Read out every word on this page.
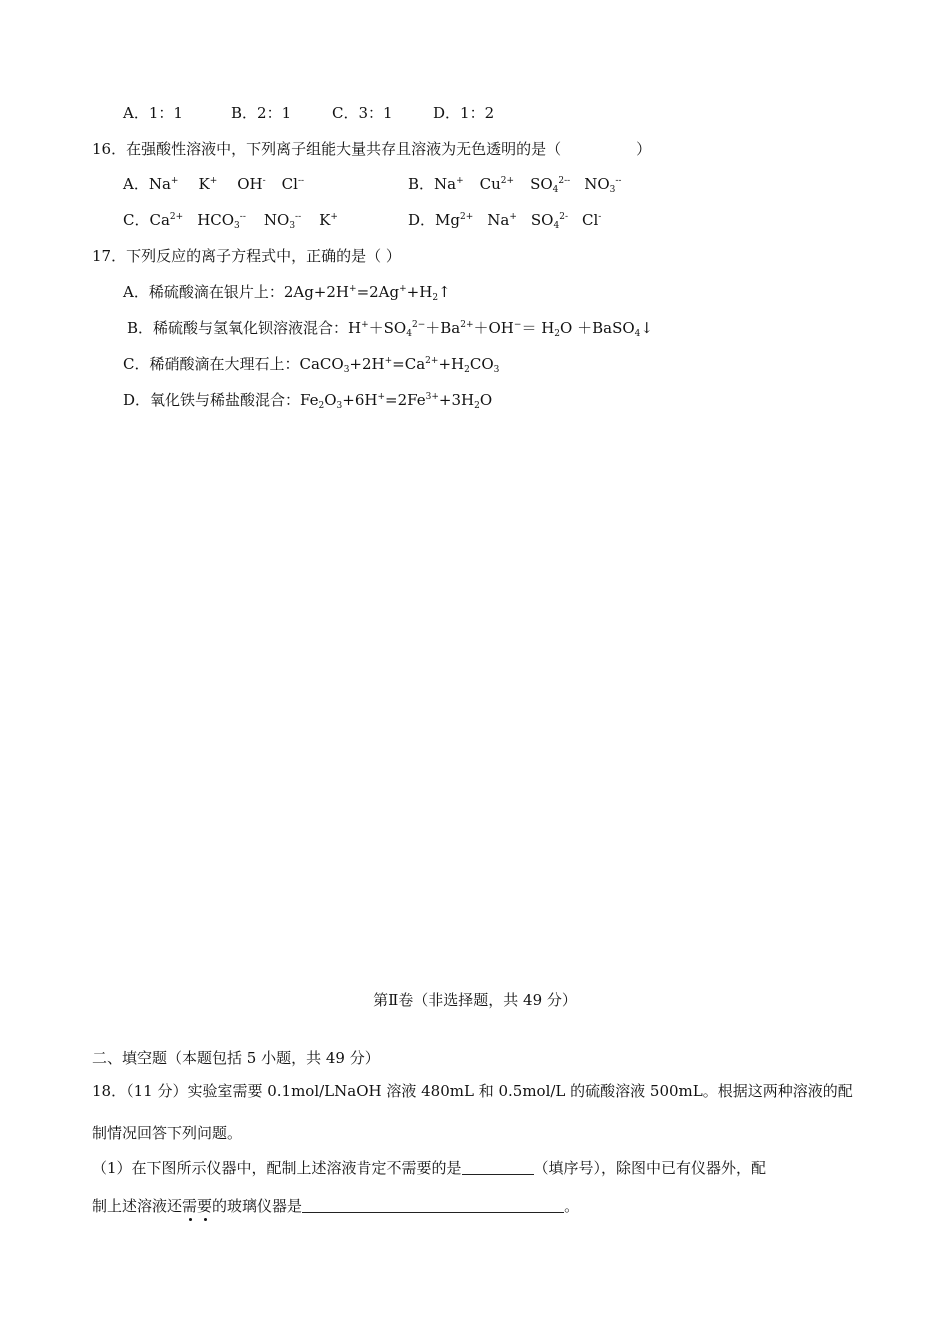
A．1：1	B．2：1	C．3：1	D．1：2
16．在强酸性溶液中，下列离子组能大量共存且溶液为无色透明的是（　　　　　）
A．Na+ K+ OH- Cl--	B．Na+ $Cu^{2+}$ $SO_4^{2--}$ $NO_3^{--}$
C．$Ca^{2+}$ $HCO_3^{--}$ $NO_3^{--}$ K+	D．$Mg^{2+}$ Na+ $SO_4^{2-}$ Cl-
17．下列反应的离子方程式中，正确的是（ ）
A．稀硫酸滴在银片上：$2Ag+2H^+=2Ag^++H_2↑$
B．稀硫酸与氢氧化钡溶液混合：$H^++SO_4^{2-}+Ba^{2+}+OH^-= H_2O$ ＋BaSO$_4$↓
C．稀硝酸滴在大理石上：$CaCO_3+2H^+=Ca^{2+}+H_2CO_3$
D．氧化铁与稀盐酸混合：$Fe_2O_3+6H^+=2Fe^{3+}+3H_2O$
第Ⅱ卷（非选择题，共 49 分）
二、填空题（本题包括 5 小题，共 49 分）
18．（11 分）实验室需要 0.1mol/LNaOH 溶液 480mL 和 0.5mol/L 的硫酸溶液 500mL。根据这两种溶液的配
制情况回答下列问题。
（1）在下图所示仪器中，配制上述溶液肯定不需要的是	（填序号），除图中已有仪器外，配
制上述溶液还需要的玻璃仪器是	。
